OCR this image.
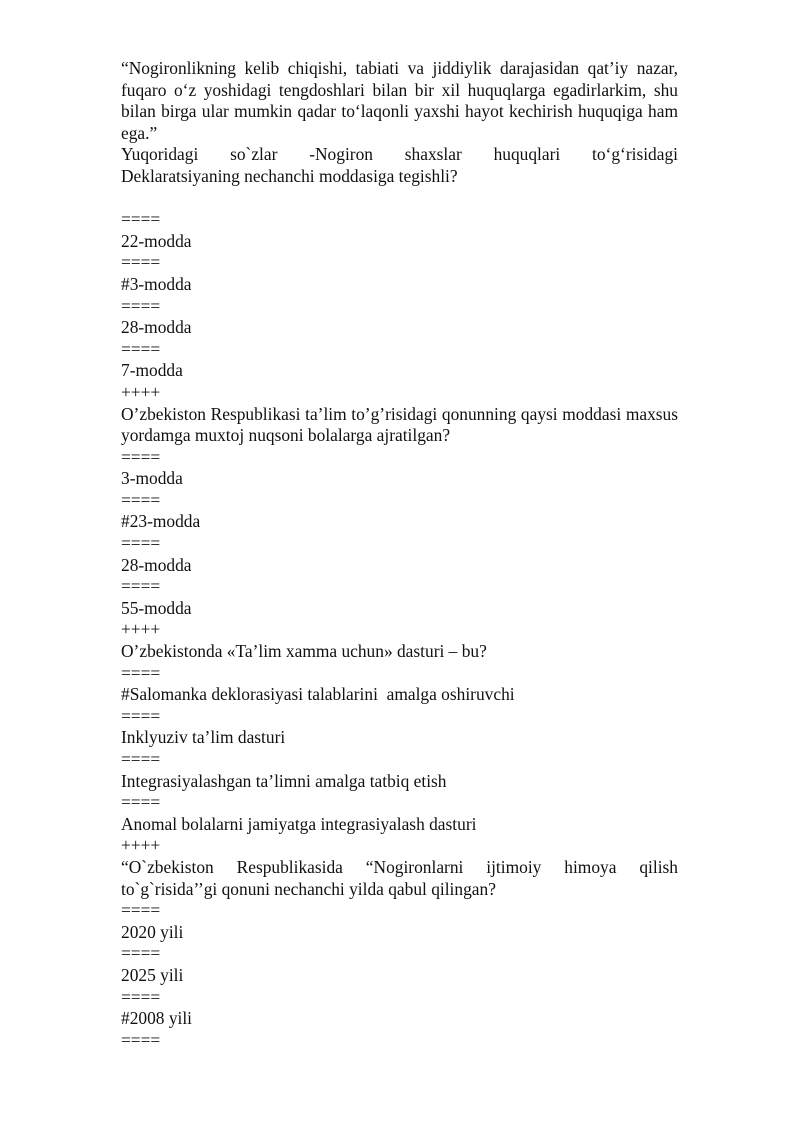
“Nogironlikning kelib chiqishi, tabiati va jiddiylik darajasidan qat’iy nazar, fuqaro o‘z yoshidagi tengdoshlari bilan bir xil huquqlarga egadirlarkim, shu bilan birga ular mumkin qadar to‘laqonli yaxshi hayot kechirish huquqiga ham ega.”

Yuqoridagi so`zlar -Nogiron shaxslar huquqlari to‘g‘risidagi

Deklaratsiyaning nechanchi moddasiga tegishli?

====

22-modda

====

#3-modda

====

28-modda

====

7-modda

++++

O’zbekiston Respublikasi ta’lim to’g’risidagi qonunning qaysi moddasi maxsus yordamga muxtoj nuqsoni bolalarga ajratilgan?

====

3-modda

====

#23-modda

====

28-modda

====

55-modda

++++

O’zbekistonda «Ta’lim xamma uchun» dasturi – bu?

====

#Salomanka deklorasiyasi talablarini  amalga oshiruvchi

====

Inklyuziv ta’lim dasturi

====

Integrasiyalashgan ta’limni amalga tatbiq etish

====

Anomal bolalarni jamiyatga integrasiyalash dasturi

++++

“O`zbekiston Respublikasida “Nogironlarni ijtimoiy himoya qilish to`g`risida’’gi qonuni nechanchi yilda qabul qilingan?

====

2020 yili

====

2025 yili

====

#2008 yili

====
